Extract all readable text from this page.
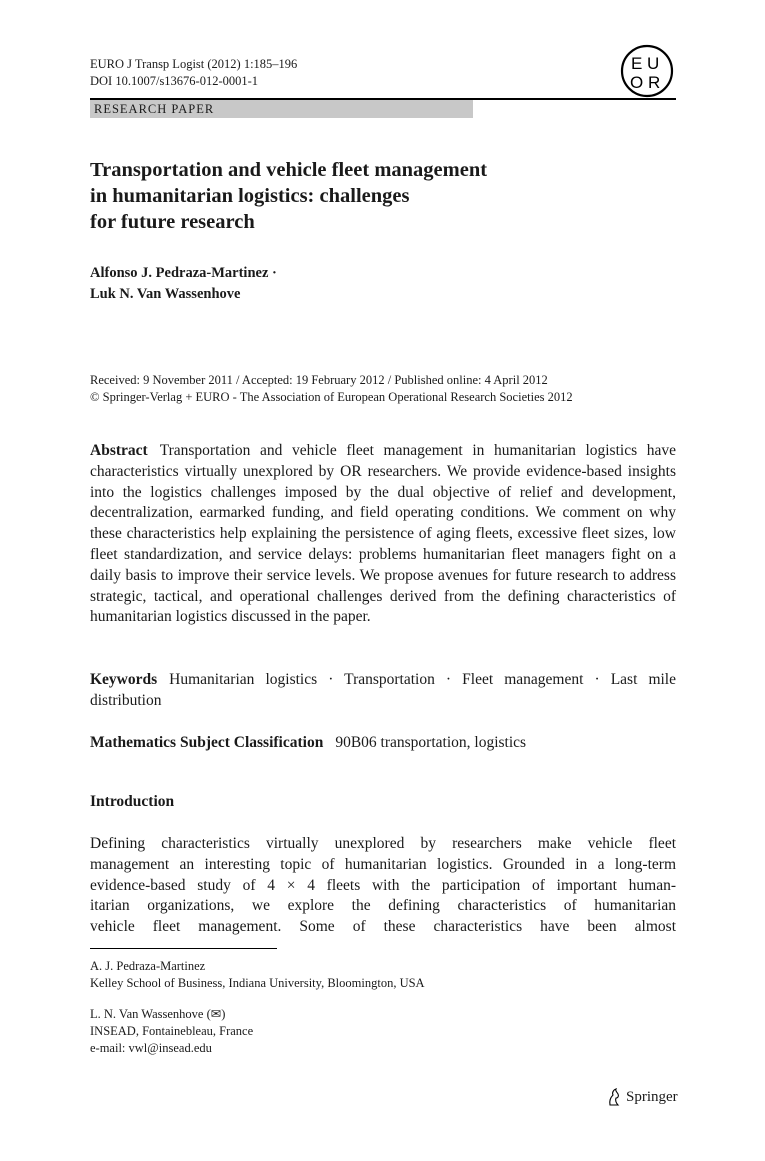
EURO J Transp Logist (2012) 1:185–196
DOI 10.1007/s13676-012-0001-1
E U
O R
RESEARCH PAPER
Transportation and vehicle fleet management
in humanitarian logistics: challenges
for future research
Alfonso J. Pedraza-Martinez ·
Luk N. Van Wassenhove
Received: 9 November 2011 / Accepted: 19 February 2012 / Published online: 4 April 2012
© Springer-Verlag + EURO - The Association of European Operational Research Societies 2012
Abstract Transportation and vehicle fleet management in humanitarian logistics have characteristics virtually unexplored by OR researchers. We provide evidence-based insights into the logistics challenges imposed by the dual objective of relief and development, decentralization, earmarked funding, and field operating conditions. We comment on why these characteristics help explaining the persistence of aging fleets, excessive fleet sizes, low fleet standardization, and service delays: problems humanitarian fleet managers fight on a daily basis to improve their service levels. We propose avenues for future research to address strategic, tactical, and operational challenges derived from the defining characteristics of humanitarian logistics discussed in the paper.
Keywords Humanitarian logistics · Transportation · Fleet management · Last mile distribution
Mathematics Subject Classification 90B06 transportation, logistics
Introduction
Defining characteristics virtually unexplored by researchers make vehicle fleet
management an interesting topic of humanitarian logistics. Grounded in a long-term
evidence-based study of 4 × 4 fleets with the participation of important human-
itarian organizations, we explore the defining characteristics of humanitarian
vehicle fleet management. Some of these characteristics have been almost
A. J. Pedraza-Martinez
Kelley School of Business, Indiana University, Bloomington, USA
L. N. Van Wassenhove (✉)
INSEAD, Fontainebleau, France
e-mail: vwl@insead.edu
Springer
